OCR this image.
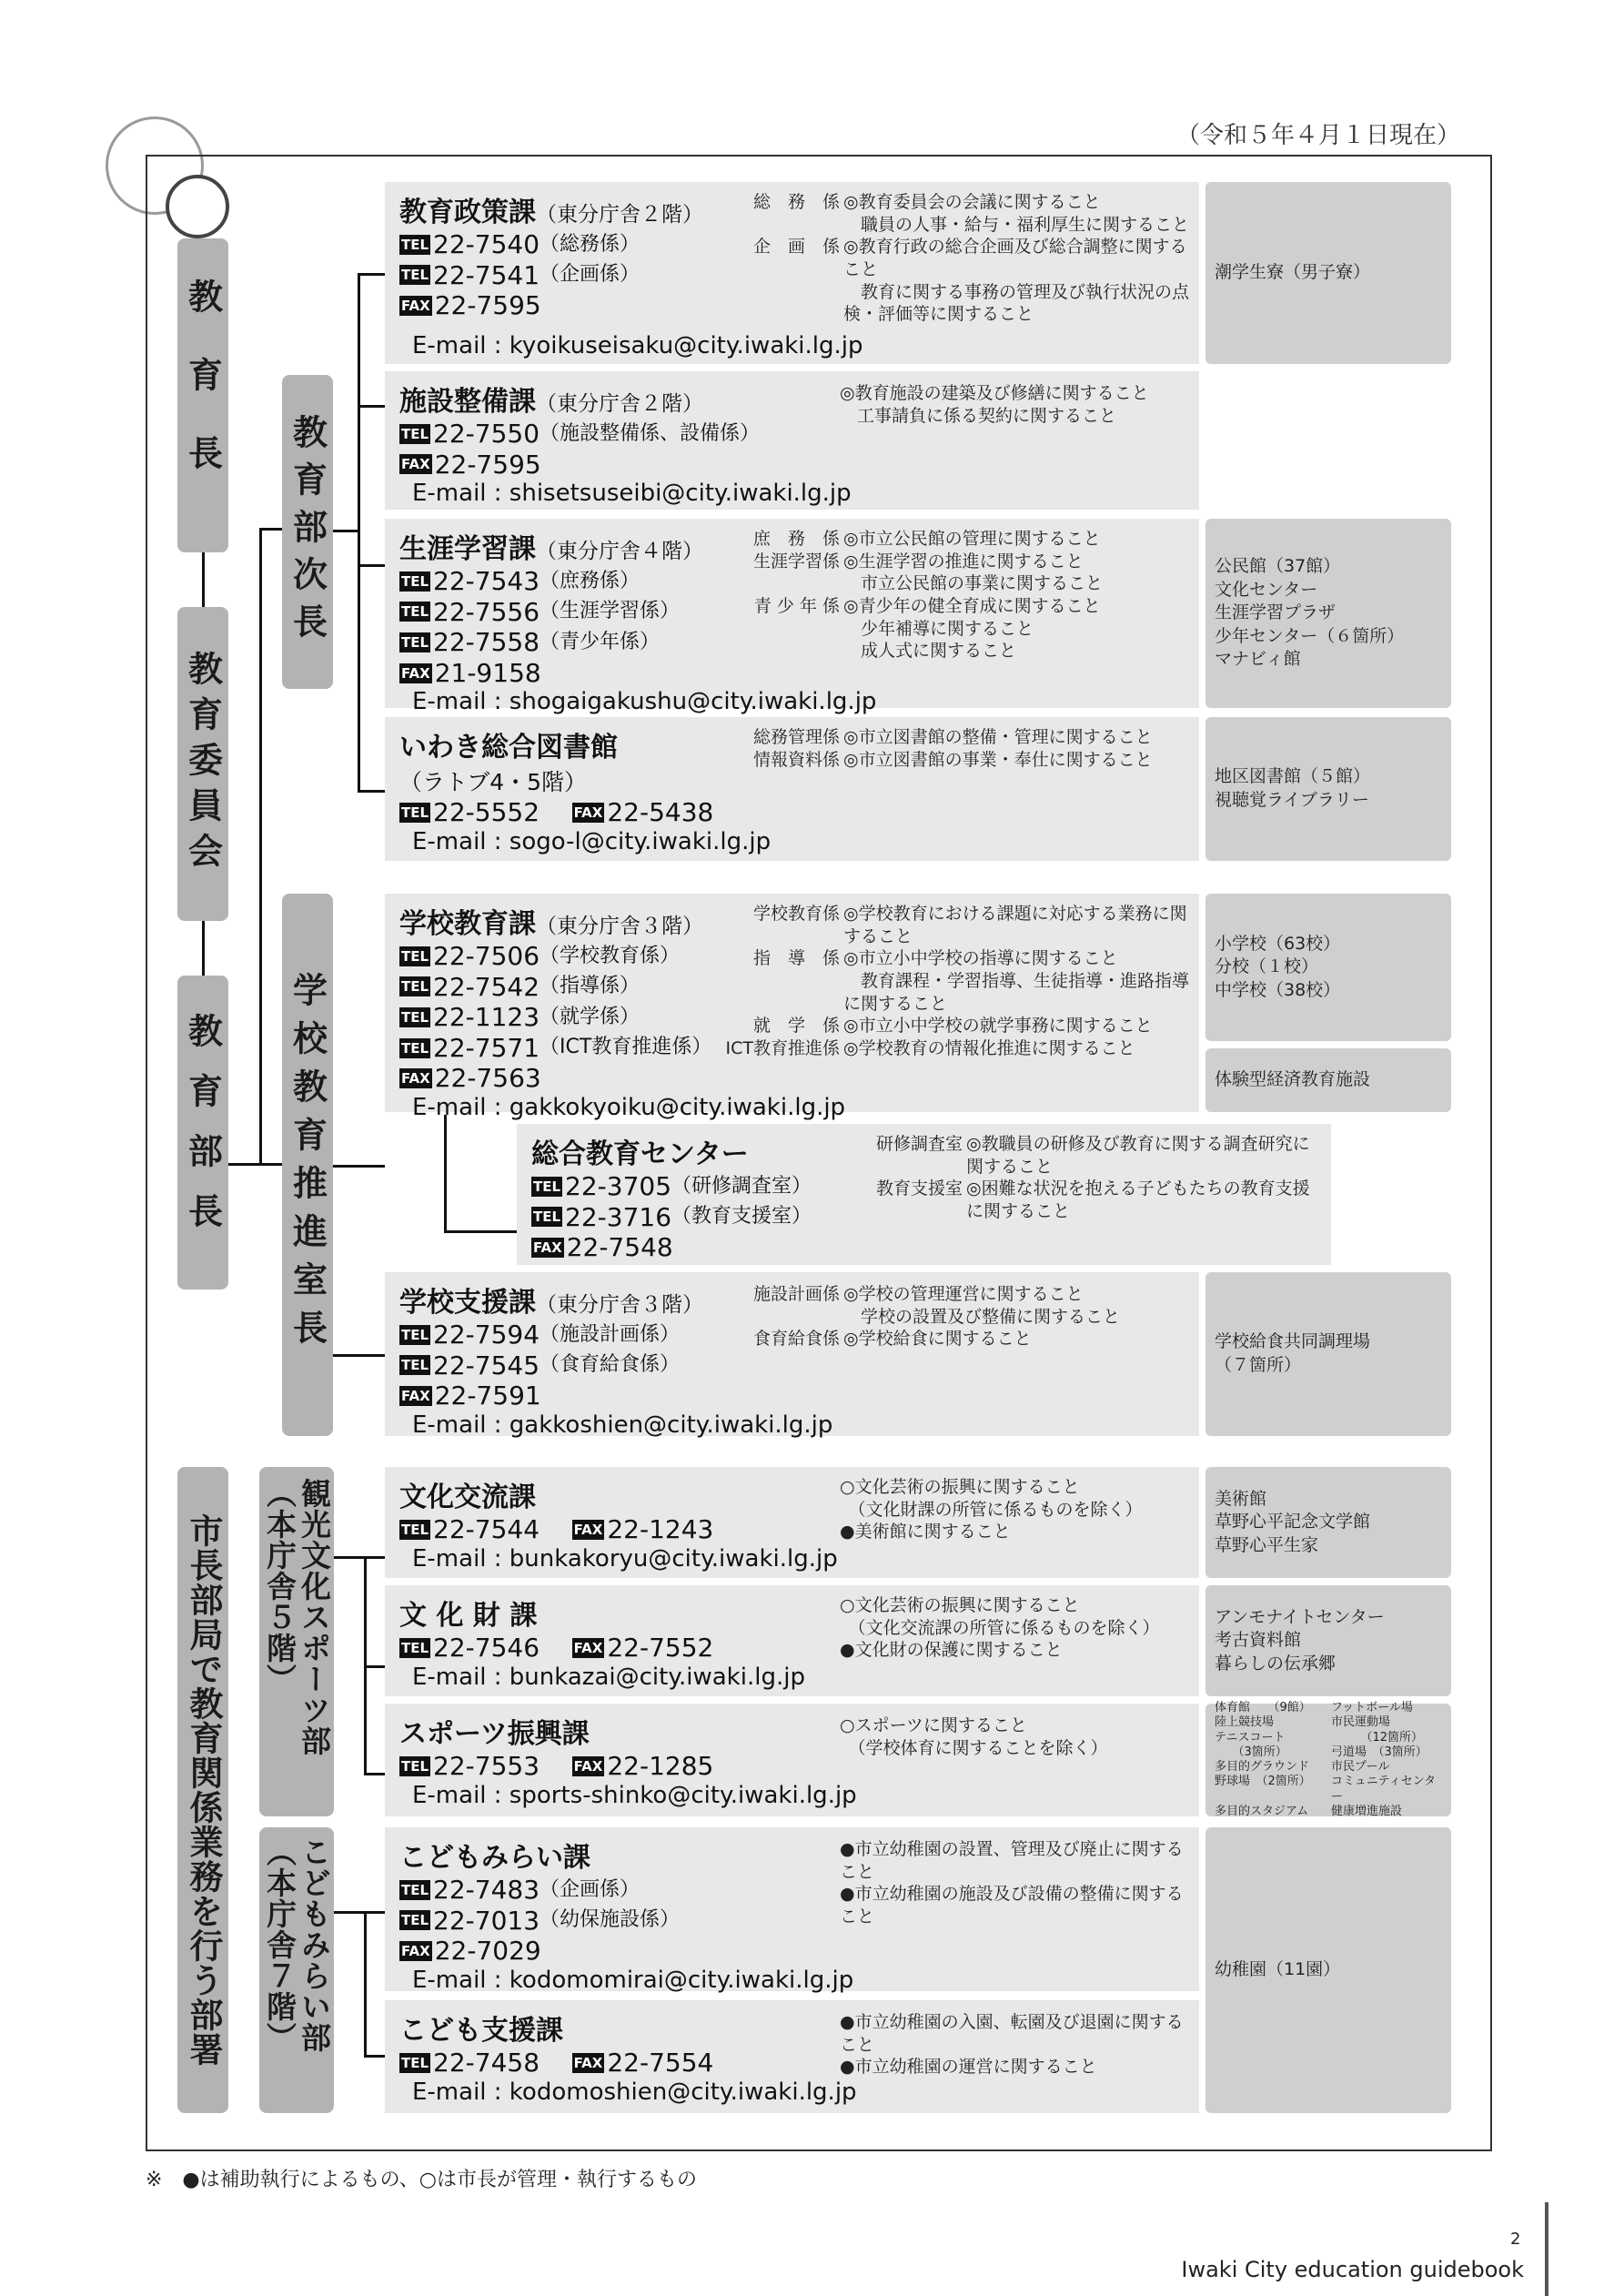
（令和５年４月１日現在）
教育長
教育委員会
教育部長
教育部次長
学校教育推進室長
市長部局で教育関係業務を行う部署	観光文化スポーツ部（本庁舎５階）
こどもみらい部（本庁舎７階）
教育政策課（東分庁舎２階）
TEL 22-7540 （総務係）
TEL 22-7541 （企画係）
FAX 22-7595
E-mail : kyoikuseisaku@city.iwaki.lg.jp
総　務　係 ◎教育委員会の会議に関すること
　職員の人事・給与・福利厚生に関すること
企　画　係 ◎教育行政の総合企画及び総合調整に関すること
　教育に関する事務の管理及び執行状況の点検・評価等に関すること
潮学生寮（男子寮）
施設整備課（東分庁舎２階）
TEL 22-7550 （施設整備係、設備係）
FAX 22-7595
E-mail : shisetsuseibi@city.iwaki.lg.jp
◎教育施設の建築及び修繕に関すること
　工事請負に係る契約に関すること
生涯学習課（東分庁舎４階）
TEL 22-7543 （庶務係）
TEL 22-7556 （生涯学習係）
TEL 22-7558 （青少年係）
FAX 21-9158
E-mail : shogaigakushu@city.iwaki.lg.jp
庶　務　係 ◎市立公民館の管理に関すること
生涯学習係 ◎生涯学習の推進に関すること
　市立公民館の事業に関すること
青 少 年 係 ◎青少年の健全育成に関すること
　少年補導に関すること
　成人式に関すること
公民館（37館）
文化センター
生涯学習プラザ
少年センター（６箇所）
マナビィ館
いわき総合図書館
（ラトブ4・5階）
TEL 22-5552
	FAX 22-5438
E-mail : sogo-l@city.iwaki.lg.jp
総務管理係 ◎市立図書館の整備・管理に関すること
情報資料係 ◎市立図書館の事業・奉仕に関すること
地区図書館（５館）
視聴覚ライブラリー
学校教育課（東分庁舎３階）
TEL 22-7506 （学校教育係）
TEL 22-7542 （指導係）
TEL 22-1123 （就学係）
TEL 22-7571 （ICT教育推進係）
FAX 22-7563
E-mail : gakkokyoiku@city.iwaki.lg.jp
学校教育係 ◎学校教育における課題に対応する業務に関すること
指　導　係 ◎市立小中学校の指導に関すること
　教育課程・学習指導、生徒指導・進路指導に関すること
就　学　係 ◎市立小中学校の就学事務に関すること
ICT教育推進係 ◎学校教育の情報化推進に関すること
小学校（63校）
分校（１校）
中学校（38校）
体験型経済教育施設
総合教育センター
TEL 22-3705 （研修調査室）
TEL 22-3716 （教育支援室）
FAX 22-7548
研修調査室 ◎教職員の研修及び教育に関する調査研究に関すること
教育支援室 ◎困難な状況を抱える子どもたちの教育支援に関すること
学校支援課（東分庁舎３階）
TEL 22-7594 （施設計画係）
TEL 22-7545 （食育給食係）
FAX 22-7591
E-mail : gakkoshien@city.iwaki.lg.jp
施設計画係 ◎学校の管理運営に関すること
　学校の設置及び整備に関すること
食育給食係 ◎学校給食に関すること	学校給食共同調理場
（７箇所）
文化交流課
TEL 22-7544
	FAX 22-1243
E-mail : bunkakoryu@city.iwaki.lg.jp
○文化芸術の振興に関すること
　（文化財課の所管に係るものを除く）
●美術館に関すること
美術館
草野心平記念文学館
草野心平生家
文 化 財 課
TEL 22-7546
	FAX 22-7552
E-mail : bunkazai@city.iwaki.lg.jp
○文化芸術の振興に関すること
　（文化交流課の所管に係るものを除く）
●文化財の保護に関すること
アンモナイトセンター
考古資料館
暮らしの伝承郷
スポーツ振興課
TEL 22-7553
	FAX 22-1285
E-mail : sports-shinko@city.iwaki.lg.jp
○スポーツに関すること
　（学校体育に関することを除く）
体育館　　（9館）	フットボール場
陸上競技場	市民運動場
テニスコート	　　　（12箇所）
　　（3箇所）	弓道場　（3箇所）
多目的グラウンド	市民プール
野球場　（2箇所）	コミュニティセンター
多目的スタジアム	健康増進施設
こどもみらい課
TEL 22-7483 （企画係）
TEL 22-7013 （幼保施設係）
FAX 22-7029
E-mail : kodomomirai@city.iwaki.lg.jp
●市立幼稚園の設置、管理及び廃止に関すること
●市立幼稚園の施設及び設備の整備に関すること
こども支援課
TEL 22-7458
	FAX 22-7554
E-mail : kodomoshien@city.iwaki.lg.jp
●市立幼稚園の入園、転園及び退園に関すること
●市立幼稚園の運営に関すること
幼稚園（11園）
※　●は補助執行によるもの、○は市長が管理・執行するもの
2
Iwaki City education guidebook
